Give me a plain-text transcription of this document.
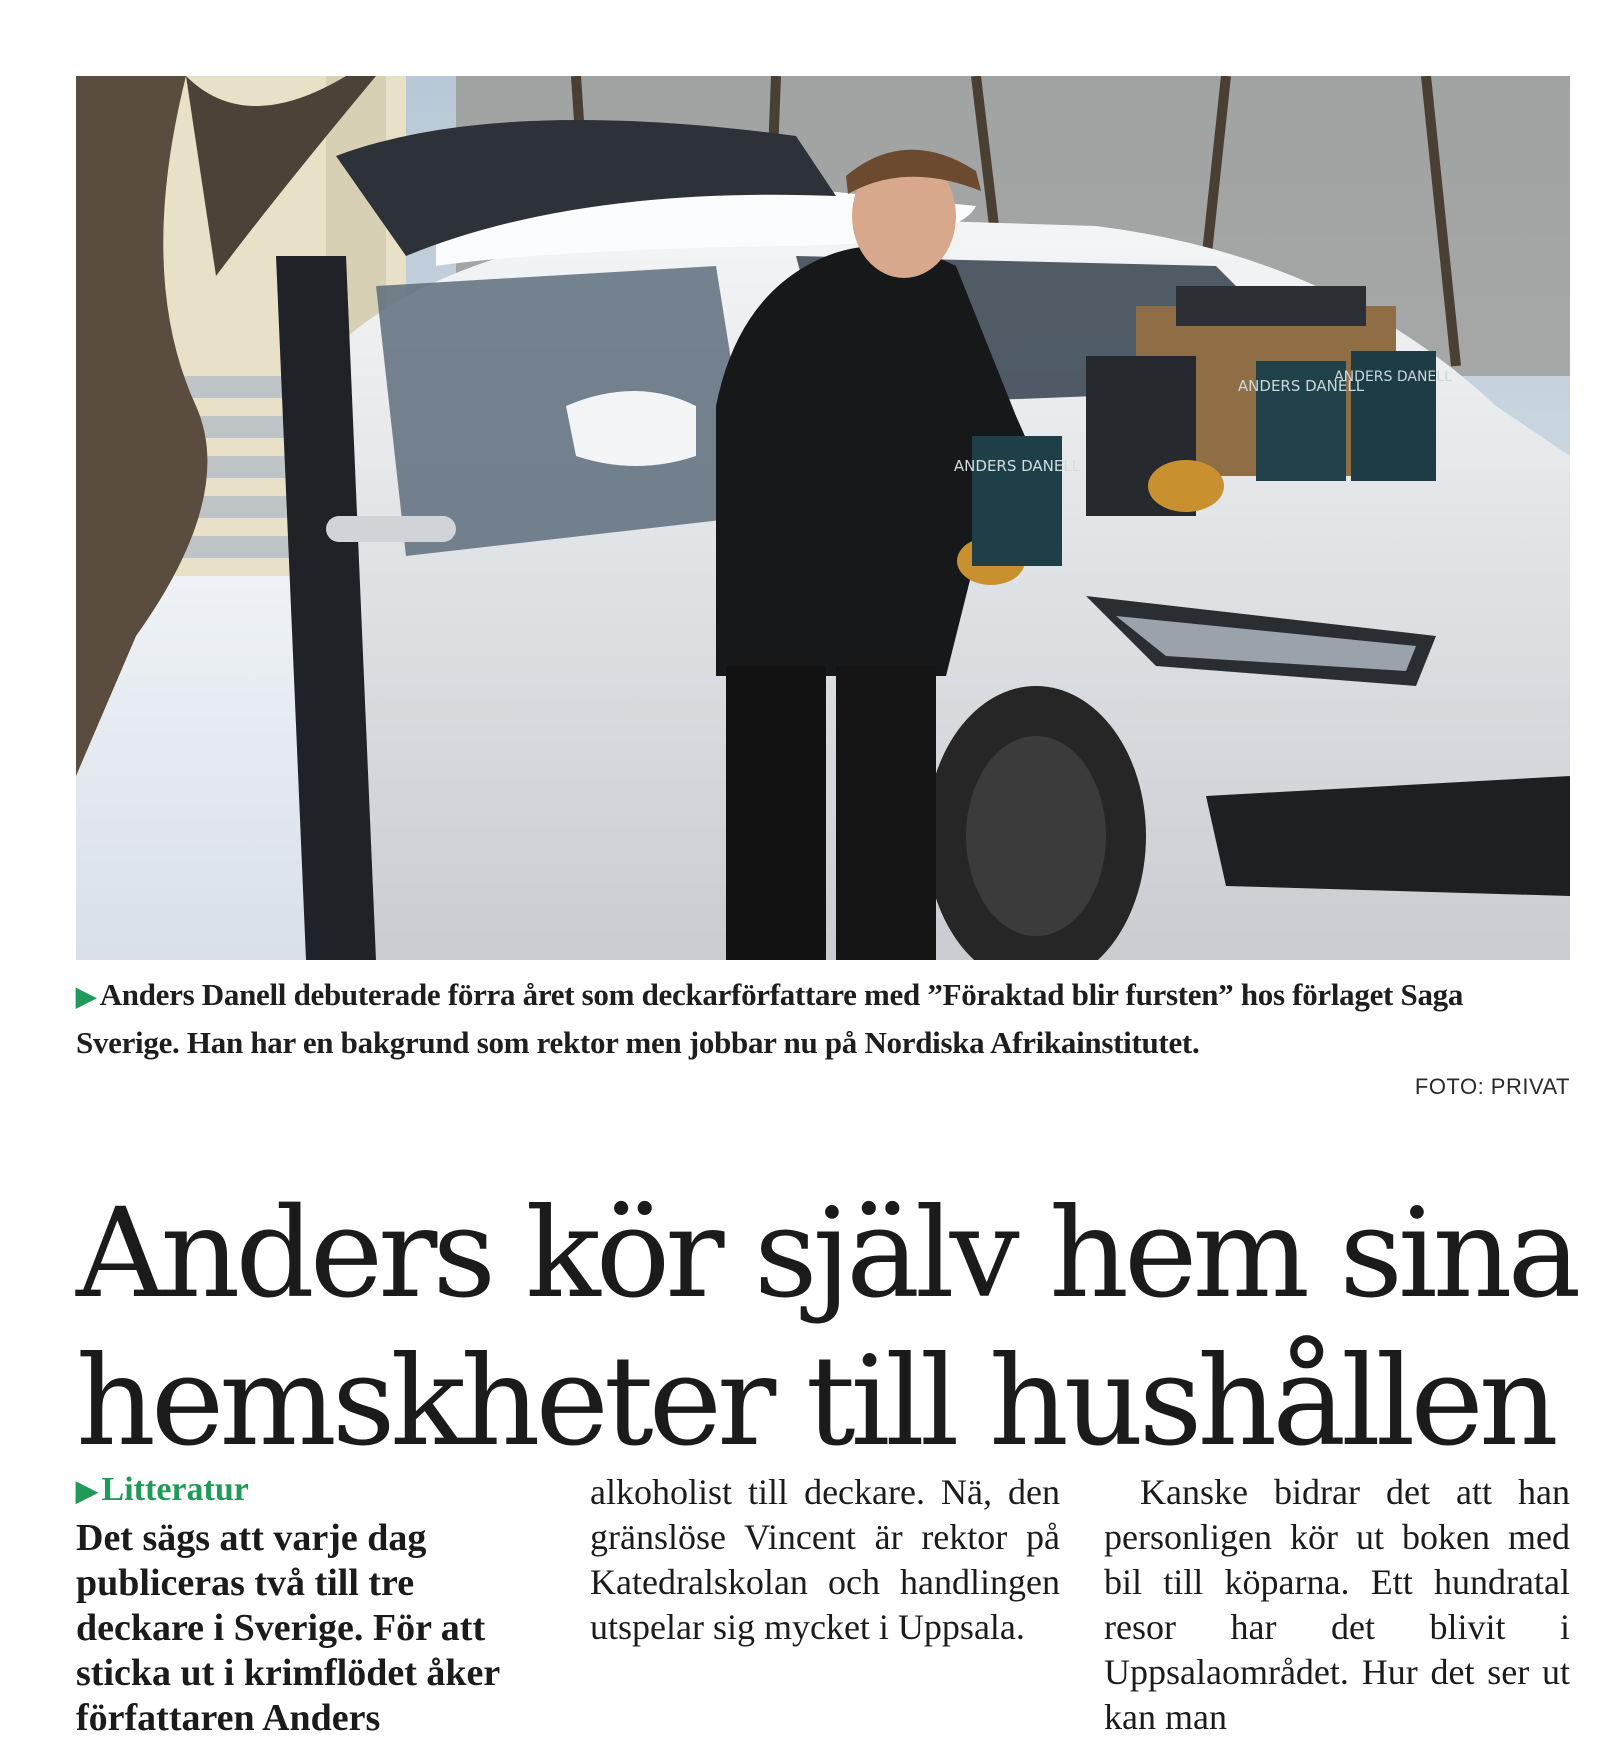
ANDERS DANELL
ANDERS DANELL
ANDERS DANELL
▶ Anders Danell debuterade förra året som deckarförfattare med ”Föraktad blir fursten” hos förlaget Saga Sverige. Han har en bakgrund som rektor men jobbar nu på Nordiska Afrikainstitutet.
FOTO: PRIVAT
Anders kör själv hem sina hemskheter till hushållen
▶ Litteratur

Det sägs att varje dag publiceras två till tre deckare i Sverige. För att sticka ut i krimflödet åker författaren Anders

alkoholist till deckare. Nä, den gränslöse Vincent är rektor på Katedralskolan och handlingen utspelar sig mycket i Uppsala.

Kanske bidrar det att han personligen kör ut boken med bil till köparna. Ett hundratal resor har det blivit i Uppsalaområdet. Hur det ser ut kan man
